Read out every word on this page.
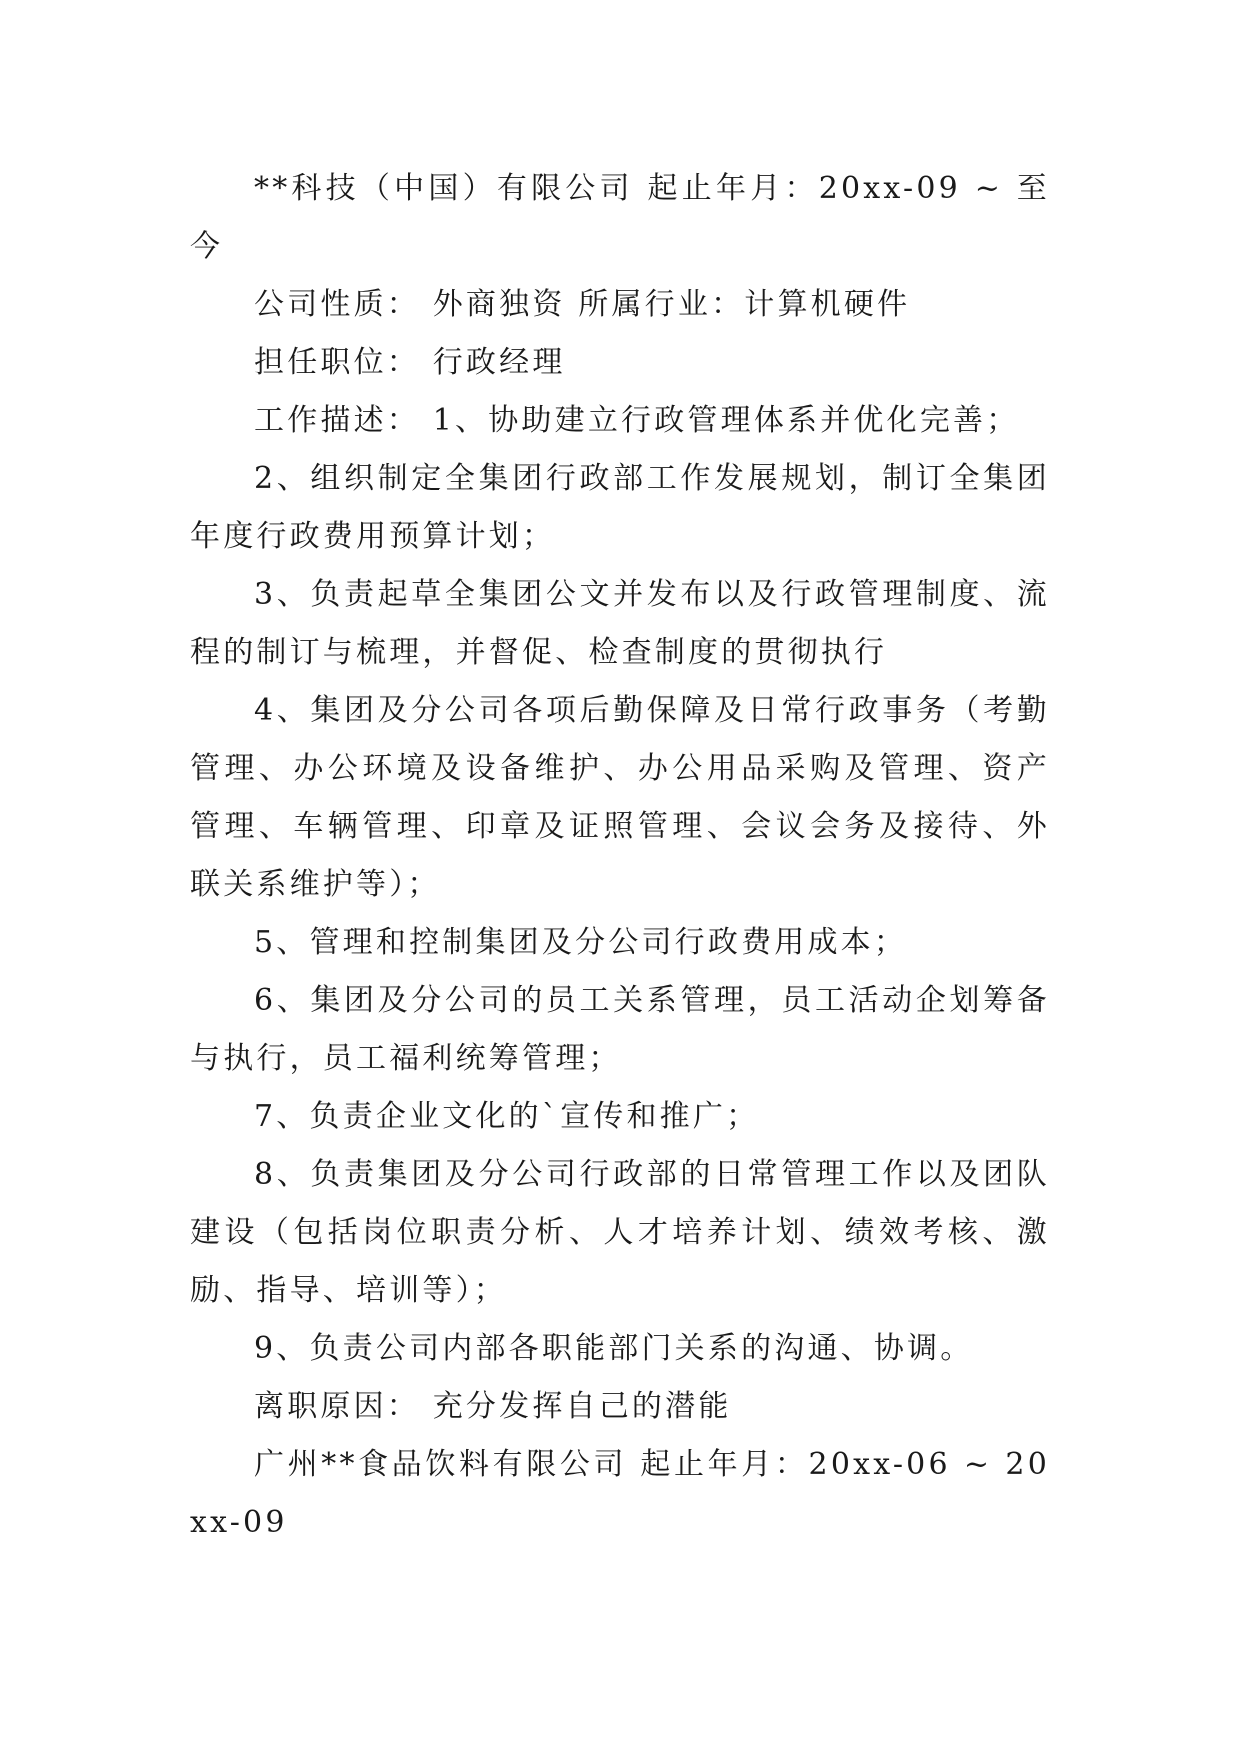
**科技（中国）有限公司 起止年月：20xx-09 ~ 至今

公司性质： 外商独资 所属行业：计算机硬件

担任职位： 行政经理

工作描述： 1、协助建立行政管理体系并优化完善；

2、组织制定全集团行政部工作发展规划，制订全集团年度行政费用预算计划；

3、负责起草全集团公文并发布以及行政管理制度、流程的制订与梳理，并督促、检查制度的贯彻执行

4、集团及分公司各项后勤保障及日常行政事务（考勤管理、办公环境及设备维护、办公用品采购及管理、资产管理、车辆管理、印章及证照管理、会议会务及接待、外联关系维护等）；

5、管理和控制集团及分公司行政费用成本；

6、集团及分公司的员工关系管理，员工活动企划筹备与执行，员工福利统筹管理；

7、负责企业文化的`宣传和推广；

8、负责集团及分公司行政部的日常管理工作以及团队建设（包括岗位职责分析、人才培养计划、绩效考核、激励、指导、培训等）；

9、负责公司内部各职能部门关系的沟通、协调。

离职原因： 充分发挥自己的潜能

广州**食品饮料有限公司 起止年月：20xx-06 ~ 20xx-09
